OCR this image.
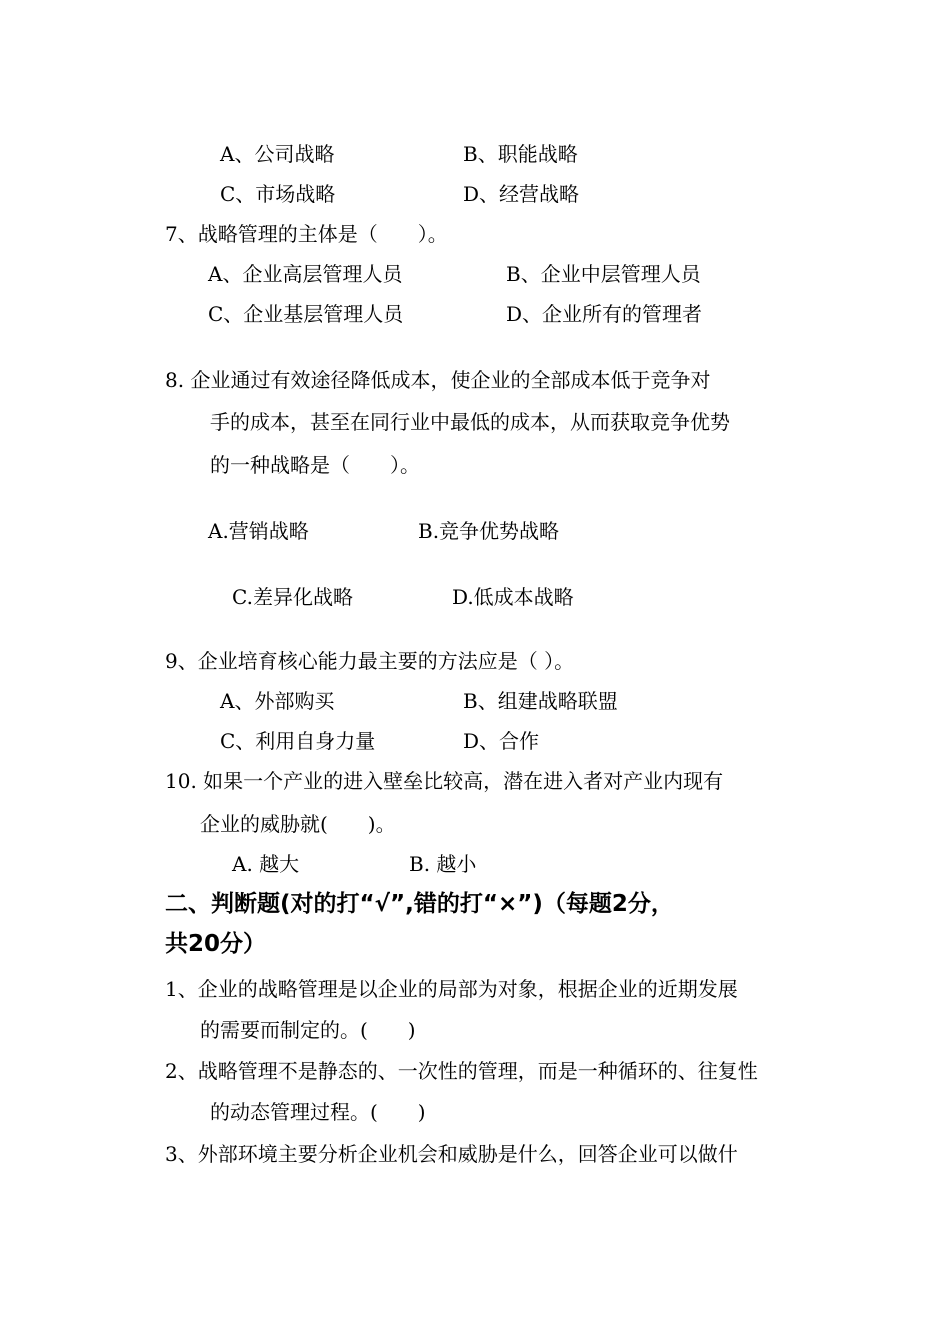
A、公司战略	B、职能战略
C、市场战略	D、经营战略
7、战略管理的主体是（　　）。
A、企业高层管理人员	B、企业中层管理人员
C、企业基层管理人员	D、企业所有的管理者
8. 企业通过有效途径降低成本，使企业的全部成本低于竞争对
手的成本，甚至在同行业中最低的成本，从而获取竞争优势
的一种战略是（　　）。
A.营销战略	B.竞争优势战略
C.差异化战略	D.低成本战略
9、企业培育核心能力最主要的方法应是（ ）。
A、外部购买	B、组建战略联盟
C、利用自身力量	D、合作
10. 如果一个产业的进入壁垒比较高，潜在进入者对产业内现有
企业的威胁就(　　)。
A. 越大	B. 越小
二、判断题(对的打“√”,错的打“×”)（每题2分，
共20分）
1、企业的战略管理是以企业的局部为对象，根据企业的近期发展
的需要而制定的。(　　)
2、战略管理不是静态的、一次性的管理，而是一种循环的、往复性
的动态管理过程。(　　)
3、外部环境主要分析企业机会和威胁是什么，回答企业可以做什
